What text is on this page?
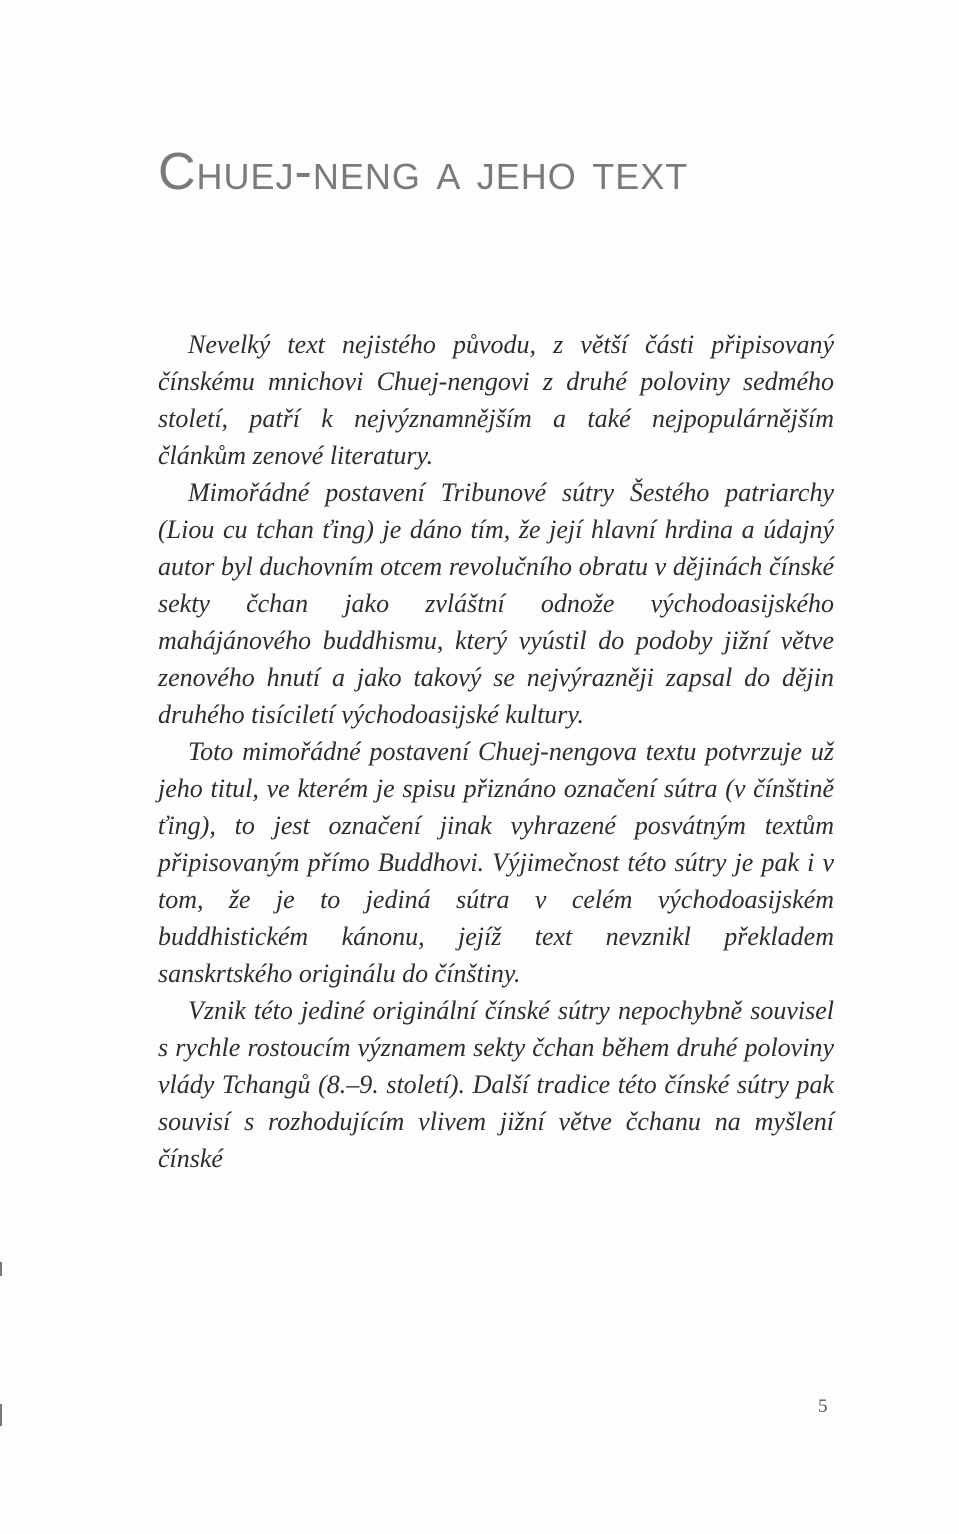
Chuej-neng a jeho text

Nevelký text nejistého původu, z větší části připisovaný čínskému mnichovi Chuej-nengovi z druhé poloviny sedmého století, patří k nejvýznamnějším a také nejpopulárnějším článkům zenové literatury.

Mimořádné postavení Tribunové sútry Šestého patriarchy (Liou cu tchan ťing) je dáno tím, že její hlavní hrdina a údajný autor byl duchovním otcem revolučního obratu v dějinách čínské sekty čchan jako zvláštní odnože východoasijského mahájánového buddhismu, který vyústil do podoby jižní větve zenového hnutí a jako takový se nejvýrazněji zapsal do dějin druhého tisíciletí východoasijské kultury.

Toto mimořádné postavení Chuej-nengova textu potvrzuje už jeho titul, ve kterém je spisu přiznáno označení sútra (v čínštině ťing), to jest označení jinak vyhrazené posvátným textům připisovaným přímo Buddhovi. Výjimečnost této sútry je pak i v tom, že je to jediná sútra v celém východoasijském buddhistickém kánonu, jejíž text nevznikl překladem sanskrtského originálu do čínštiny.

Vznik této jediné originální čínské sútry nepochybně souvisel s rychle rostoucím významem sekty čchan během druhé poloviny vlády Tchangů (8.–9. století). Další tradice této čínské sútry pak souvisí s rozhodujícím vlivem jižní větve čchanu na myšlení čínské

5
